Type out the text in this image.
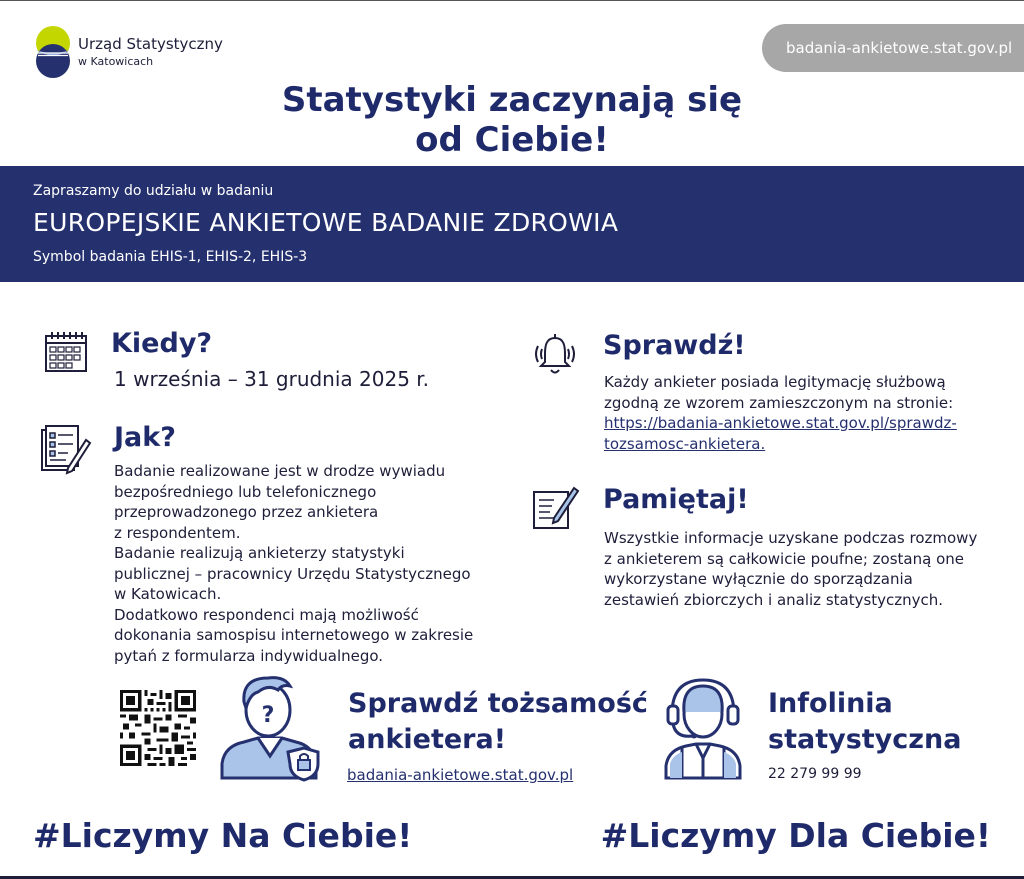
Urząd Statystyczny
w Katowicach
badania-ankietowe.stat.gov.pl
Statystyki zaczynają się
od Ciebie!
Zapraszamy do udziału w badaniu
EUROPEJSKIE ANKIETOWE BADANIE ZDROWIA
Symbol badania EHIS-1, EHIS-2, EHIS-3
Kiedy?
1 września – 31 grudnia 2025 r.
Jak?
Badanie realizowane jest w drodze wywiadu
bezpośredniego lub telefonicznego
przeprowadzonego przez ankietera
z respondentem.
Badanie realizują ankieterzy statystyki
publicznej – pracownicy Urzędu Statystycznego
w Katowicach.
Dodatkowo respondenci mają możliwość
dokonania samospisu internetowego w zakresie
pytań z formularza indywidualnego.
Sprawdź!
Każdy ankieter posiada legitymację służbową
zgodną ze wzorem zamieszczonym na stronie:
https://badania-ankietowe.stat.gov.pl/sprawdz-
tozsamosc-ankietera.
Pamiętaj!
Wszystkie informacje uzyskane podczas rozmowy
z ankieterem są całkowicie poufne; zostaną one
wykorzystane wyłącznie do sporządzania
zestawień zbiorczych i analiz statystycznych.
?	Sprawdź tożsamość
ankietera!
badania-ankietowe.stat.gov.pl
Infolinia
statystyczna
22 279 99 99
#Liczymy Na Ciebie!	#Liczymy Dla Ciebie!
